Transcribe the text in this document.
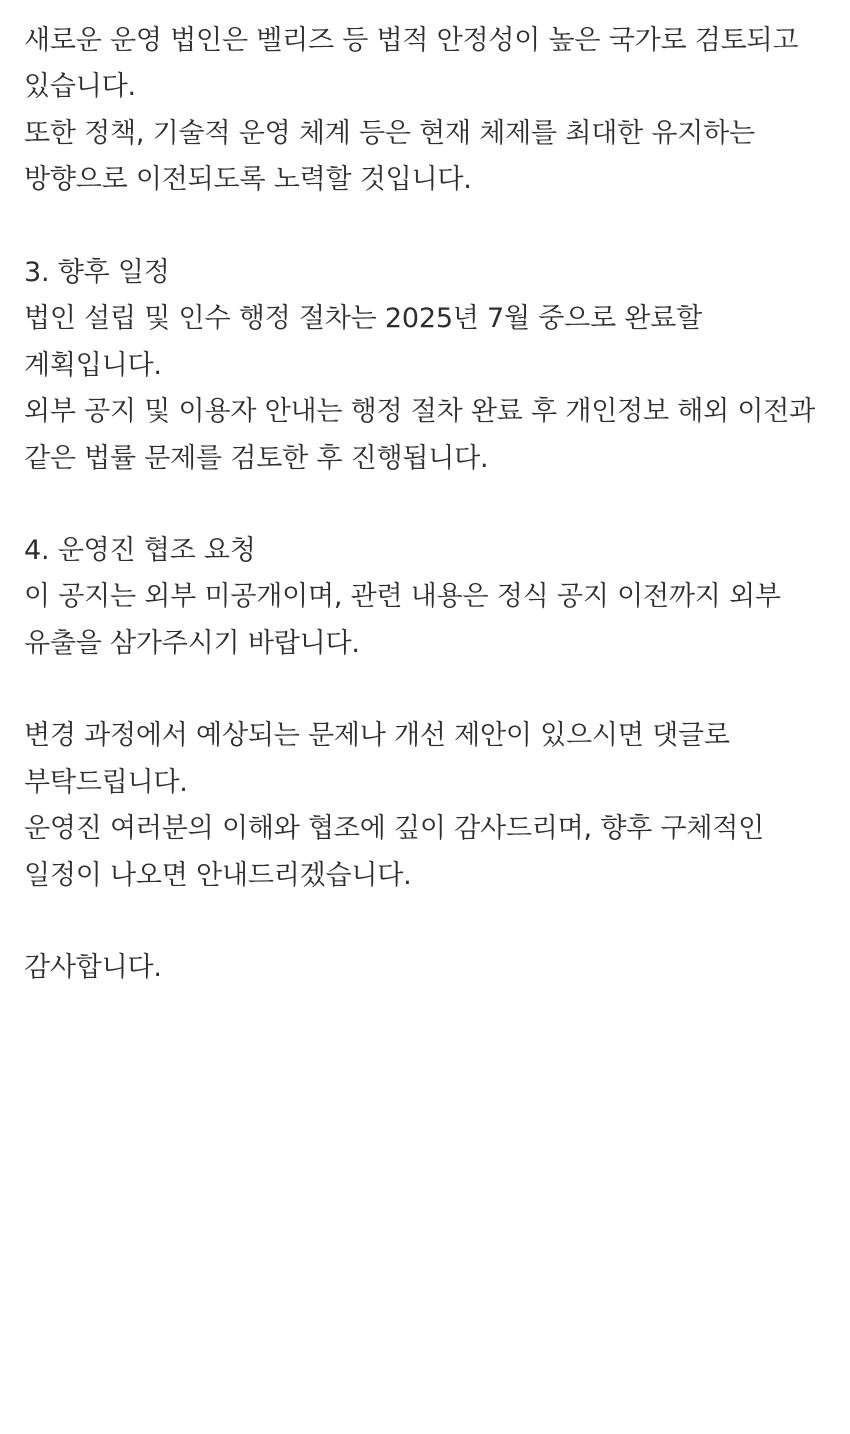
새로운 운영 법인은 벨리즈 등 법적 안정성이 높은 국가로 검토되고 있습니다.

또한 정책, 기술적 운영 체계 등은 현재 체제를 최대한 유지하는 방향으로 이전되도록 노력할 것입니다.

3. 향후 일정

법인 설립 및 인수 행정 절차는 2025년 7월 중으로 완료할 계획입니다.

외부 공지 및 이용자 안내는 행정 절차 완료 후 개인정보 해외 이전과 같은 법률 문제를 검토한 후 진행됩니다.

4. 운영진 협조 요청

이 공지는 외부 미공개이며, 관련 내용은 정식 공지 이전까지 외부 유출을 삼가주시기 바랍니다.

변경 과정에서 예상되는 문제나 개선 제안이 있으시면 댓글로 부탁드립니다.

운영진 여러분의 이해와 협조에 깊이 감사드리며, 향후 구체적인 일정이 나오면 안내드리겠습니다.

감사합니다.
